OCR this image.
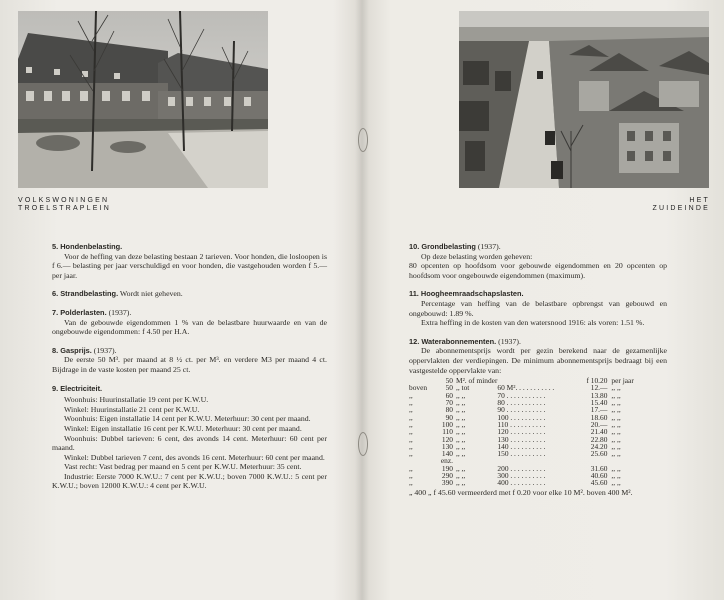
VOLKSWONINGEN
TROELSTRAPLEIN
HET
ZUIDEINDE
5. Hondenbelasting.

Voor de heffing van deze belasting bestaan 2 tarieven. Voor honden, die losloopen is f 6.— belasting per jaar verschuldigd en voor honden, die vastgehouden worden f 5.— per jaar.

6. Strandbelasting. Wordt niet geheven.
7. Polderlasten. (1937).

Van de gebouwde eigendommen 1 % van de belastbare huurwaarde en van de ongebouwde eigendommen: f 4.50 per H.A.

8. Gasprijs. (1937).

De eerste 50 M³. per maand at 8 ½ ct. per M³. en verdere M3 per maand 4 ct. Bijdrage in de vaste kosten per maand 25 ct.

9. Electriciteit.

Woonhuis: Huurinstallatie 19 cent per K.W.U.

Winkel: Huurinstallatie 21 cent per K.W.U.

Woonhuis: Eigen installatie 14 cent per K.W.U. Meterhuur: 30 cent per maand.

Winkel: Eigen installatie 16 cent per K.W.U. Meterhuur: 30 cent per maand.

Woonhuis: Dubbel tarieven: 6 cent, des avonds 14 cent. Meterhuur: 60 cent per maand.

Winkel: Dubbel tarieven 7 cent, des avonds 16 cent. Meterhuur: 60 cent per maand.

Vast recht: Vast bedrag per maand en 5 cent per K.W.U. Meterhuur: 35 cent.

Industrie: Eerste 7000 K.W.U.: 7 cent per K.W.U.; boven 7000 K.W.U.: 5 cent per K.W.U.; boven 12000 K.W.U.: 4 cent per K.W.U.

10. Grondbelasting (1937).

Op deze belasting worden geheven:

80 opcenten op hoofdsom voor gebouwde eigendommen en 20 opcenten op hoofdsom voor ongebouwde eigendommen (maximum).

11. Hoogheemraadschapslasten.

Percentage van heffing van de belastbare opbrengst van gebouwd en ongebouwd: 1.89 %.

Extra heffing in de kosten van den watersnood 1916: als voren: 1.51 %.

12. Waterabonnementen. (1937).

De abonnementsprijs wordt per gezin berekend naar de gezamenlijke oppervlakten der verdiepingen. De minimum abonnementsprijs bedraagt bij een vastgestelde oppervlakte van:

	50	M². of minder		f 10.20	per jaar
boven	50	,, tot	60 M². . . . . . . . . . .	12.—	,, ,,
,,	60	,, ,,	70 . . . . . . . . . . .	13.80	,, ,,
,,	70	,, ,,	80 . . . . . . . . . . .	15.40	,, ,,
,,	80	,, ,,	90 . . . . . . . . . . .	17.—	,, ,,
,,	90	,, ,,	100 . . . . . . . . . .	18.60	,, ,,
,,	100	,, ,,	110 . . . . . . . . . .	20.—	,, ,,
,,	110	,, ,,	120 . . . . . . . . . .	21.40	,, ,,
,,	120	,, ,,	130 . . . . . . . . . .	22.80	,, ,,
,,	130	,, ,,	140 . . . . . . . . . .	24.20	,, ,,
,,	140	,, ,,	150 . . . . . . . . . .	25.60	,, ,,
	enz.				
,,	190	,, ,,	200 . . . . . . . . . .	31.60	,, ,,
,,	290	,, ,,	300 . . . . . . . . . .	40.60	,, ,,
,,	390	,, ,,	400 . . . . . . . . . .	45.60	,, ,,

„ 400 „ f 45.60 vermeerderd met f 0.20 voor elke 10 M². boven 400 M².
